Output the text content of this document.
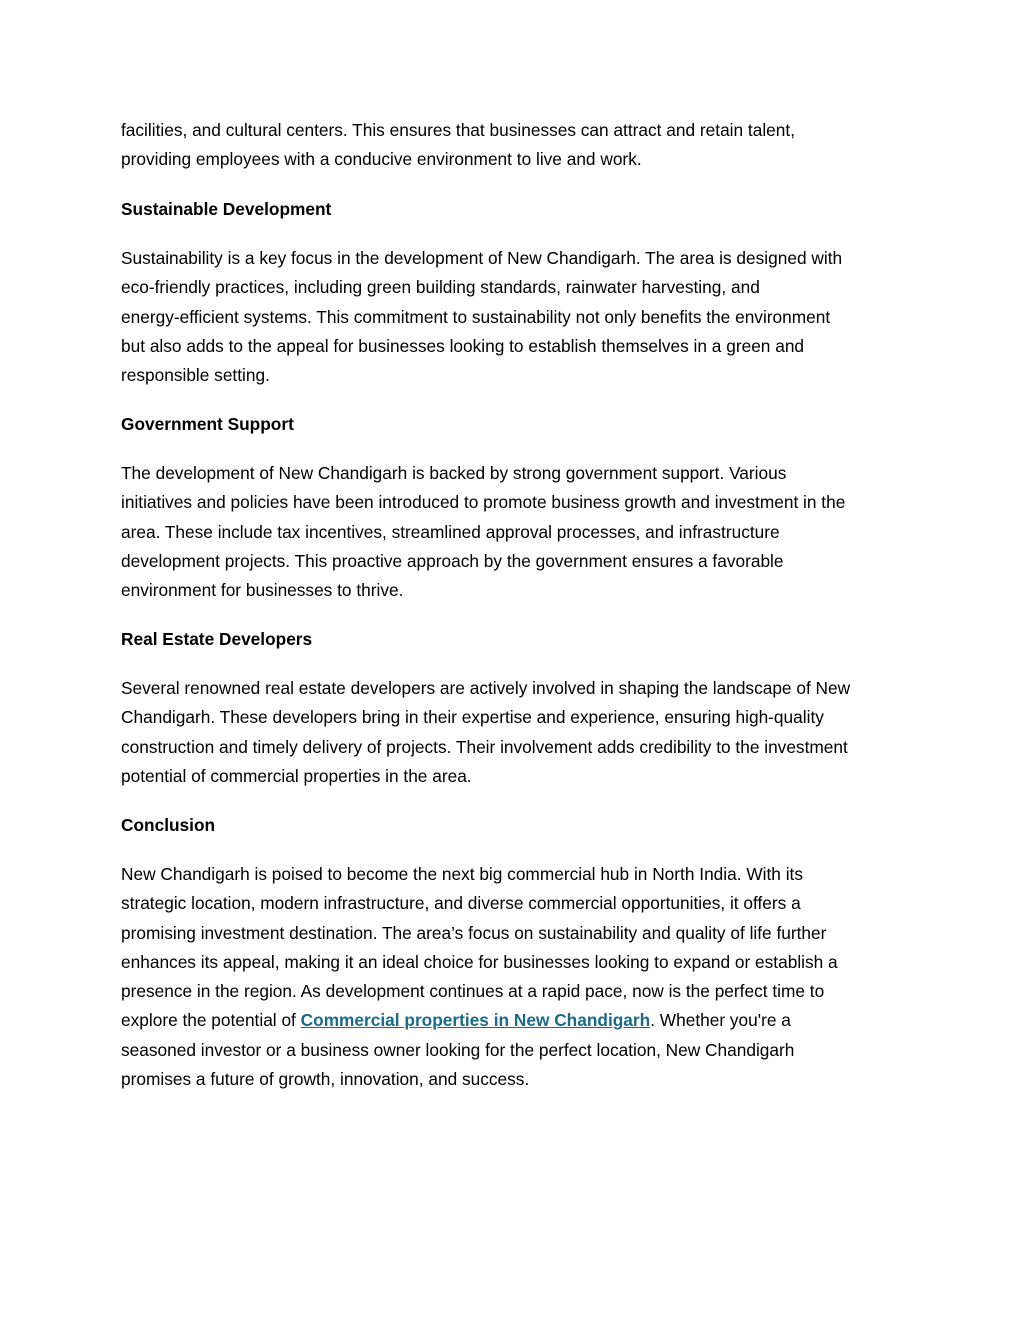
facilities, and cultural centers. This ensures that businesses can attract and retain talent,
providing employees with a conducive environment to live and work.

Sustainable Development

Sustainability is a key focus in the development of New Chandigarh. The area is designed with
eco-friendly practices, including green building standards, rainwater harvesting, and
energy-efficient systems. This commitment to sustainability not only benefits the environment
but also adds to the appeal for businesses looking to establish themselves in a green and
responsible setting.

Government Support

The development of New Chandigarh is backed by strong government support. Various
initiatives and policies have been introduced to promote business growth and investment in the
area. These include tax incentives, streamlined approval processes, and infrastructure
development projects. This proactive approach by the government ensures a favorable
environment for businesses to thrive.

Real Estate Developers

Several renowned real estate developers are actively involved in shaping the landscape of New
Chandigarh. These developers bring in their expertise and experience, ensuring high-quality
construction and timely delivery of projects. Their involvement adds credibility to the investment
potential of commercial properties in the area.

Conclusion

New Chandigarh is poised to become the next big commercial hub in North India. With its
strategic location, modern infrastructure, and diverse commercial opportunities, it offers a
promising investment destination. The area’s focus on sustainability and quality of life further
enhances its appeal, making it an ideal choice for businesses looking to expand or establish a
presence in the region. As development continues at a rapid pace, now is the perfect time to
explore the potential of Commercial properties in New Chandigarh. Whether you're a
seasoned investor or a business owner looking for the perfect location, New Chandigarh
promises a future of growth, innovation, and success.
